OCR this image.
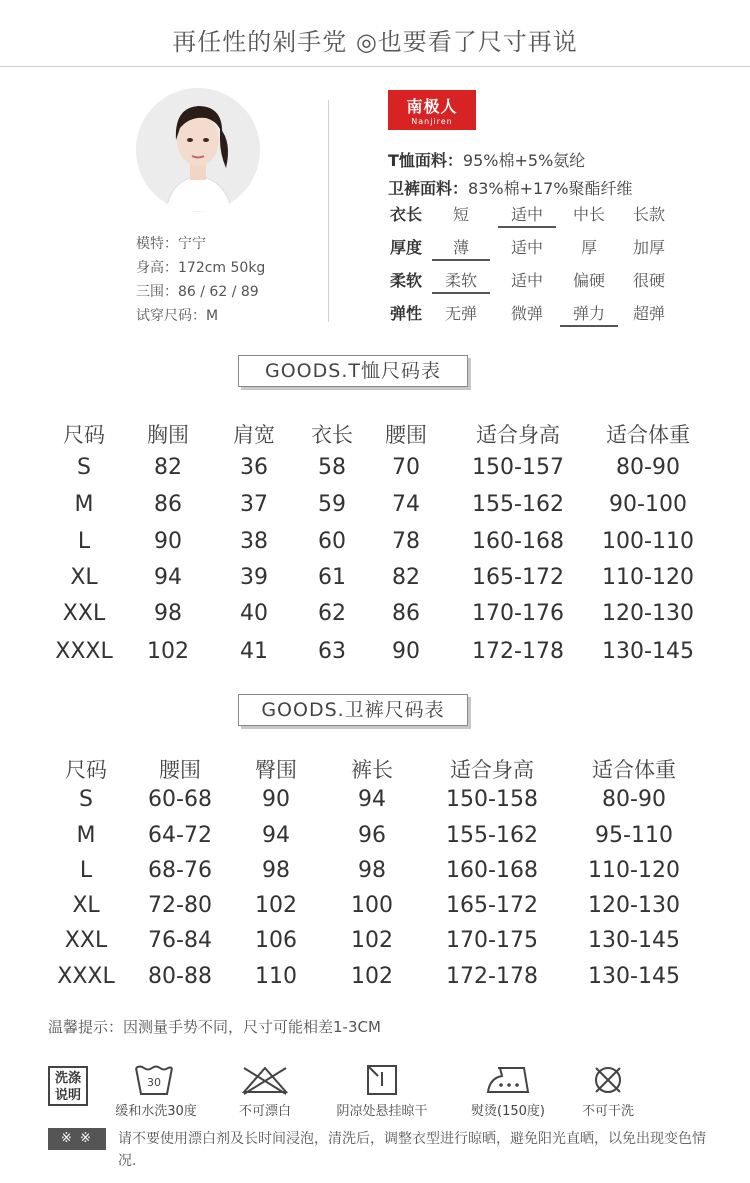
再任性的剁手党 ◎也要看了尺寸再说
模特：宁宁
身高：172cm 50kg
三围：86 / 62 / 89
试穿尺码：M
南极人
Nanjiren
T恤面料：95%棉+5%氨纶
卫裤面料：83%棉+17%聚酯纤维
衣长	短	适中	中长	长款
厚度	薄	适中	厚	加厚
柔软	柔软	适中	偏硬	很硬
弹性	无弹	微弹	弹力	超弹
GOODS.T恤尺码表
尺码	胸围	肩宽	衣长	腰围	适合身高	适合体重
S	82	36	58	70	150-157	80-90
M	86	37	59	74	155-162	90-100
L	90	38	60	78	160-168	100-110
XL	94	39	61	82	165-172	110-120
XXL	98	40	62	86	170-176	120-130
XXXL	102	41	63	90	172-178	130-145
GOODS.卫裤尺码表
尺码	腰围	臀围	裤长	适合身高	适合体重
S	60-68	90	94	150-158	80-90
M	64-72	94	96	155-162	95-110
L	68-76	98	98	160-168	110-120
XL	72-80	102	100	165-172	120-130
XXL	76-84	106	102	170-175	130-145
XXXL	80-88	110	102	172-178	130-145
温馨提示：因测量手势不同，尺寸可能相差1-3CM
洗涤
说明
30
缓和水洗30度	不可漂白	阴凉处悬挂晾干	熨烫(150度)	不可干洗
※ ※	请不要使用漂白剂及长时间浸泡，清洗后，调整衣型进行晾晒，避免阳光直晒，以免出现变色情况.
